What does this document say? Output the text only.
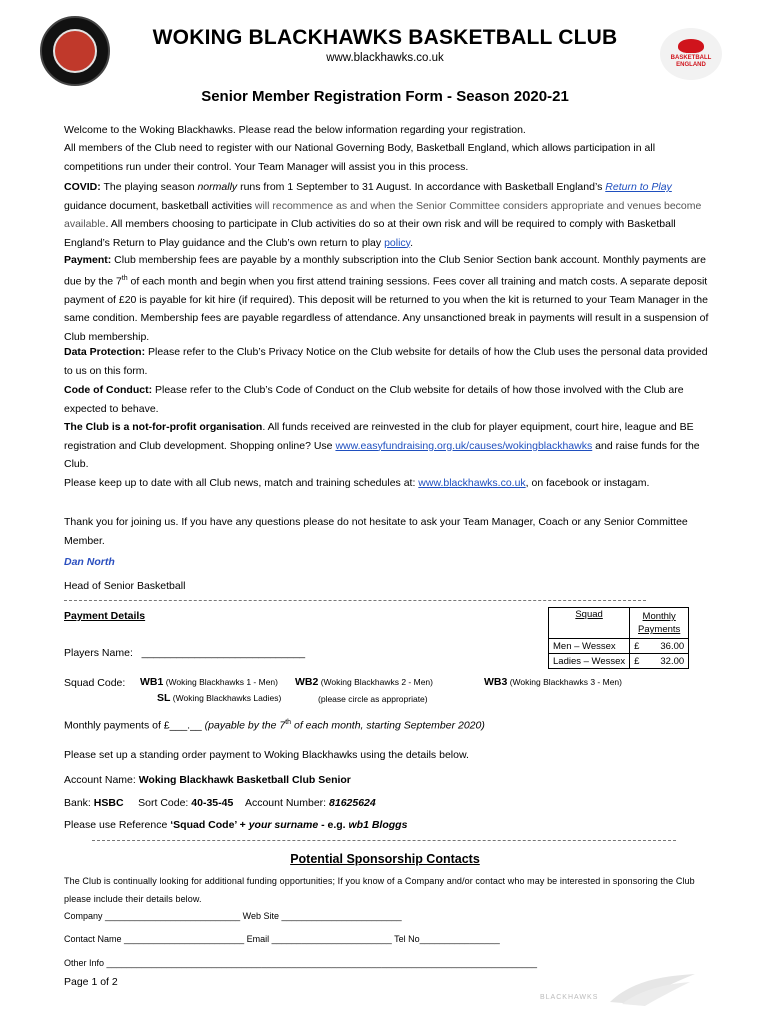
WOKING BLACKHAWKS BASKETBALL CLUB
www.blackhawks.co.uk	BASKETBALL ENGLAND
Senior Member Registration Form - Season 2020-21
Welcome to the Woking Blackhawks. Please read the below information regarding your registration.
All members of the Club need to register with our National Governing Body, Basketball England, which allows participation in all competitions run under their control. Your Team Manager will assist you in this process.
COVID: The playing season normally runs from 1 September to 31 August. In accordance with Basketball England’s Return to Play guidance document, basketball activities will recommence as and when the Senior Committee considers appropriate and venues become available. All members choosing to participate in Club activities do so at their own risk and will be required to comply with Basketball England’s Return to Play guidance and the Club’s own return to play policy.
Payment: Club membership fees are payable by a monthly subscription into the Club Senior Section bank account. Monthly payments are due by the 7th of each month and begin when you first attend training sessions. Fees cover all training and match costs. A separate deposit payment of £20 is payable for kit hire (if required). This deposit will be returned to you when the kit is returned to your Team Manager in the same condition. Membership fees are payable regardless of attendance. Any unsanctioned break in payments will result in a suspension of Club membership.
Data Protection: Please refer to the Club’s Privacy Notice on the Club website for details of how the Club uses the personal data provided to us on this form.
Code of Conduct: Please refer to the Club’s Code of Conduct on the Club website for details of how those involved with the Club are expected to behave.
The Club is a not-for-profit organisation. All funds received are reinvested in the club for player equipment, court hire, league and BE registration and Club development. Shopping online? Use www.easyfundraising.org.uk/causes/wokingblackhawks and raise funds for the Club.
Please keep up to date with all Club news, match and training schedules at: www.blackhawks.co.uk, on facebook or instagam.
Thank you for joining us. If you have any questions please do not hesitate to ask your Team Manager, Coach or any Senior Committee Member.
Dan North
Head of Senior Basketball
Payment Details
Players Name: ____________________________
Squad	Monthly Payments	
Men – Wessex	£	36.00
Ladies – Wessex	£	32.00
Squad Code: WB1 (Woking Blackhawks 1 - Men) WB2 (Woking Blackhawks 2 - Men)	WB3 (Woking Blackhawks 3 - Men)
SL (Woking Blackhawks Ladies)	(please circle as appropriate)
Monthly payments of £___.__ (payable by the 7th of each month, starting September 2020)
Please set up a standing order payment to Woking Blackhawks using the details below.
Account Name: Woking Blackhawk Basketball Club Senior
Bank: HSBC Sort Code: 40-35-45 Account Number: 81625624
Please use Reference ‘Squad Code’ + your surname - e.g. wb1 Bloggs
Potential Sponsorship Contacts
The Club is continually looking for additional funding opportunities; If you know of a Company and/or contact who may be interested in sponsoring the Club please include their details below.
Company ___________________________ Web Site ________________________
Contact Name ________________________ Email ________________________ Tel No________________
Other Info ______________________________________________________________________________________
Page 1 of 2
BLACKHAWKS
